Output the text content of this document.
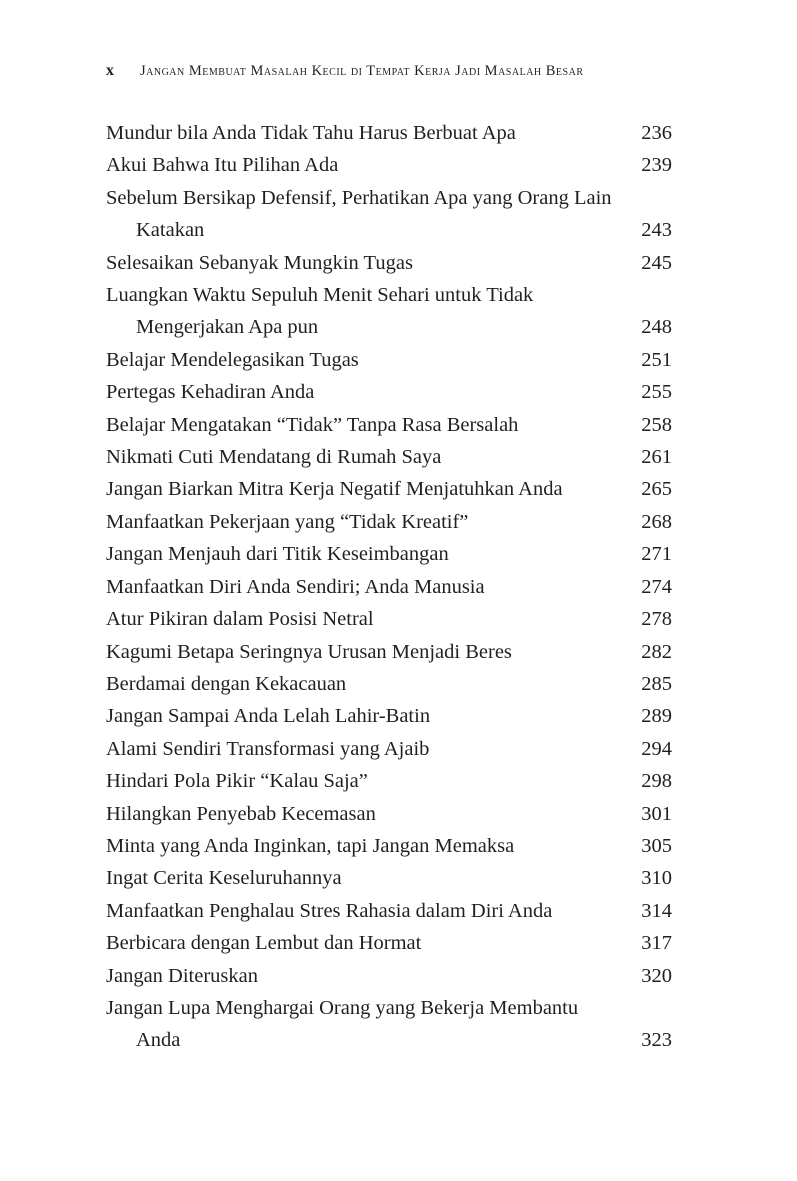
x	Jangan Membuat Masalah Kecil di Tempat Kerja Jadi Masalah Besar
Mundur bila Anda Tidak Tahu Harus Berbuat Apa	236
Akui Bahwa Itu Pilihan Ada	239
Sebelum Bersikap Defensif, Perhatikan Apa yang Orang Lain
Katakan	243
Selesaikan Sebanyak Mungkin Tugas	245
Luangkan Waktu Sepuluh Menit Sehari untuk Tidak
Mengerjakan Apa pun	248
Belajar Mendelegasikan Tugas	251
Pertegas Kehadiran Anda	255
Belajar Mengatakan “Tidak” Tanpa Rasa Bersalah	258
Nikmati Cuti Mendatang di Rumah Saya	261
Jangan Biarkan Mitra Kerja Negatif Menjatuhkan Anda	265
Manfaatkan Pekerjaan yang “Tidak Kreatif”	268
Jangan Menjauh dari Titik Keseimbangan	271
Manfaatkan Diri Anda Sendiri; Anda Manusia	274
Atur Pikiran dalam Posisi Netral	278
Kagumi Betapa Seringnya Urusan Menjadi Beres	282
Berdamai dengan Kekacauan	285
Jangan Sampai Anda Lelah Lahir-Batin	289
Alami Sendiri Transformasi yang Ajaib	294
Hindari Pola Pikir “Kalau Saja”	298
Hilangkan Penyebab Kecemasan	301
Minta yang Anda Inginkan, tapi Jangan Memaksa	305
Ingat Cerita Keseluruhannya	310
Manfaatkan Penghalau Stres Rahasia dalam Diri Anda	314
Berbicara dengan Lembut dan Hormat	317
Jangan Diteruskan	320
Jangan Lupa Menghargai Orang yang Bekerja Membantu
Anda	323
